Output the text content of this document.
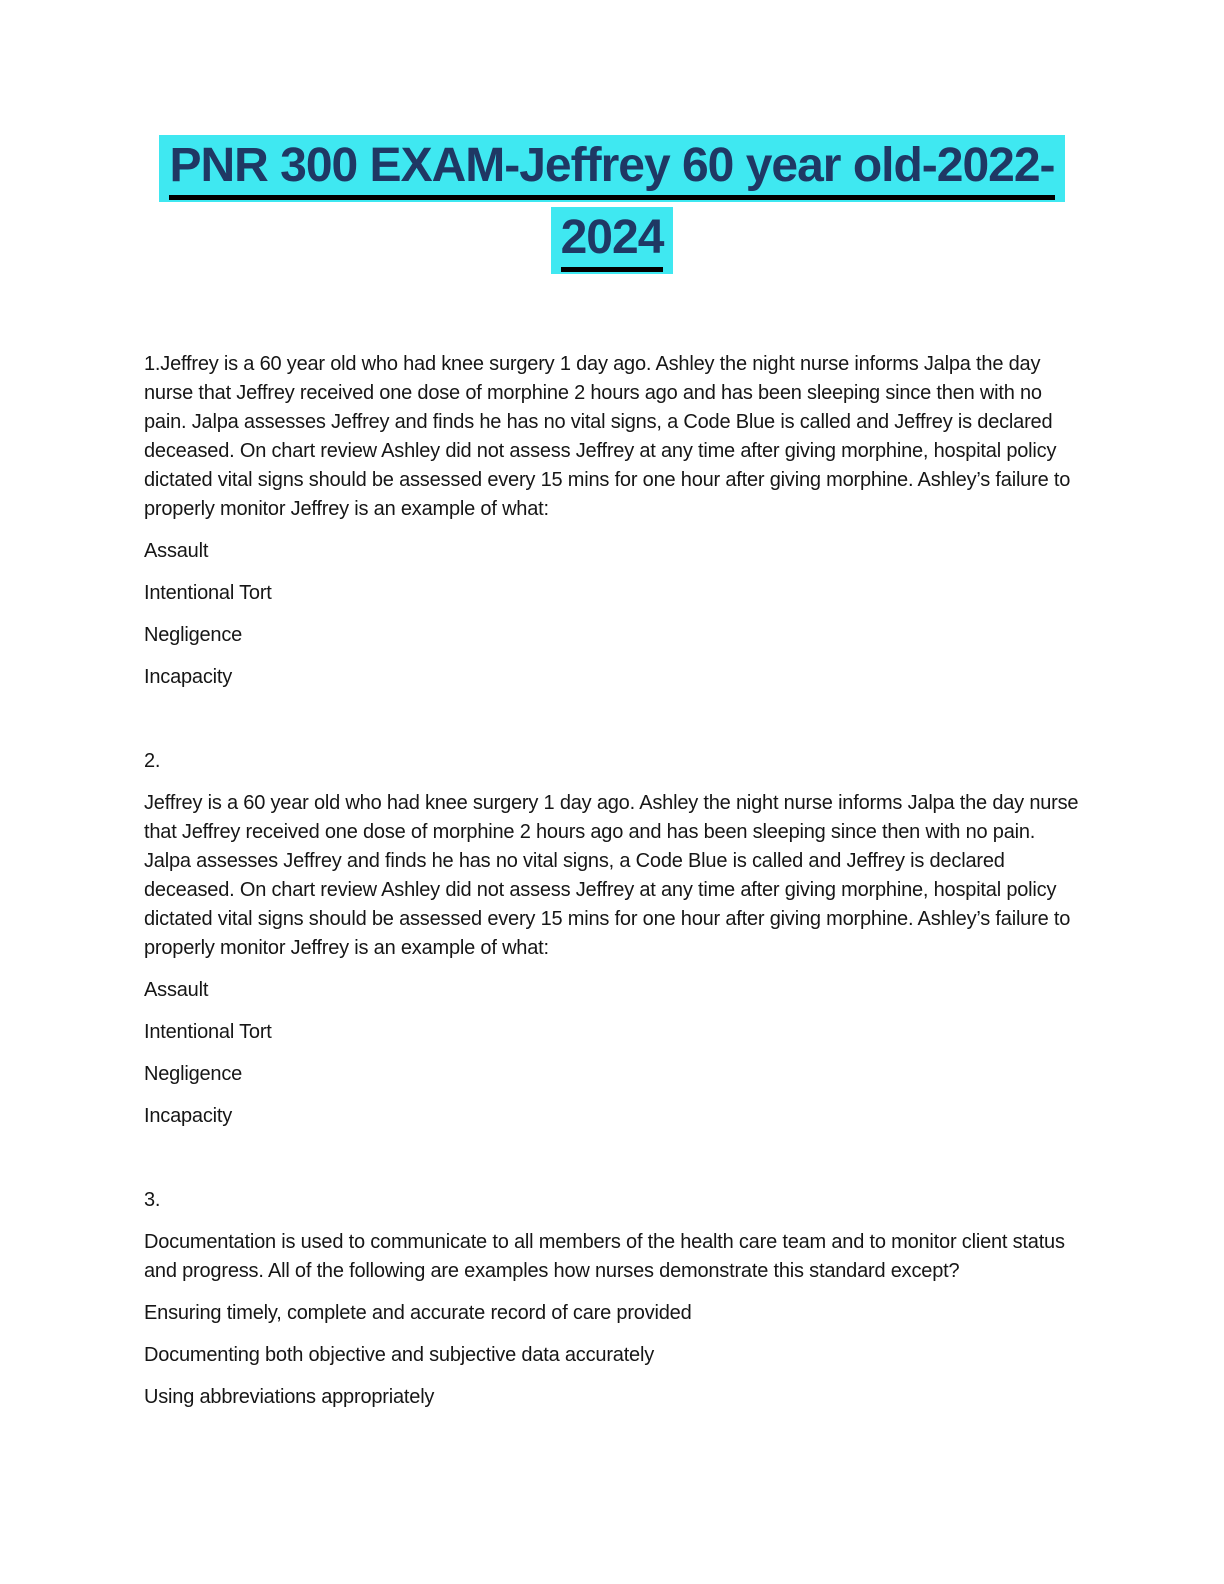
PNR 300 EXAM-Jeffrey 60 year old-2022-
2024

1.Jeffrey is a 60 year old who had knee surgery 1 day ago. Ashley the night nurse informs Jalpa the day nurse that Jeffrey received one dose of morphine 2 hours ago and has been sleeping since then with no pain. Jalpa assesses Jeffrey and finds he has no vital signs, a Code Blue is called and Jeffrey is declared deceased. On chart review Ashley did not assess Jeffrey at any time after giving morphine, hospital policy dictated vital signs should be assessed every 15 mins for one hour after giving morphine. Ashley’s failure to properly monitor Jeffrey is an example of what:

Assault

Intentional Tort

Negligence

Incapacity

2.

Jeffrey is a 60 year old who had knee surgery 1 day ago. Ashley the night nurse informs Jalpa the day nurse that Jeffrey received one dose of morphine 2 hours ago and has been sleeping since then with no pain. Jalpa assesses Jeffrey and finds he has no vital signs, a Code Blue is called and Jeffrey is declared deceased. On chart review Ashley did not assess Jeffrey at any time after giving morphine, hospital policy dictated vital signs should be assessed every 15 mins for one hour after giving morphine. Ashley’s failure to properly monitor Jeffrey is an example of what:

Assault

Intentional Tort

Negligence

Incapacity

3.

Documentation is used to communicate to all members of the health care team and to monitor client status and progress. All of the following are examples how nurses demonstrate this standard except?

Ensuring timely, complete and accurate record of care provided

Documenting both objective and subjective data accurately

Using abbreviations appropriately
